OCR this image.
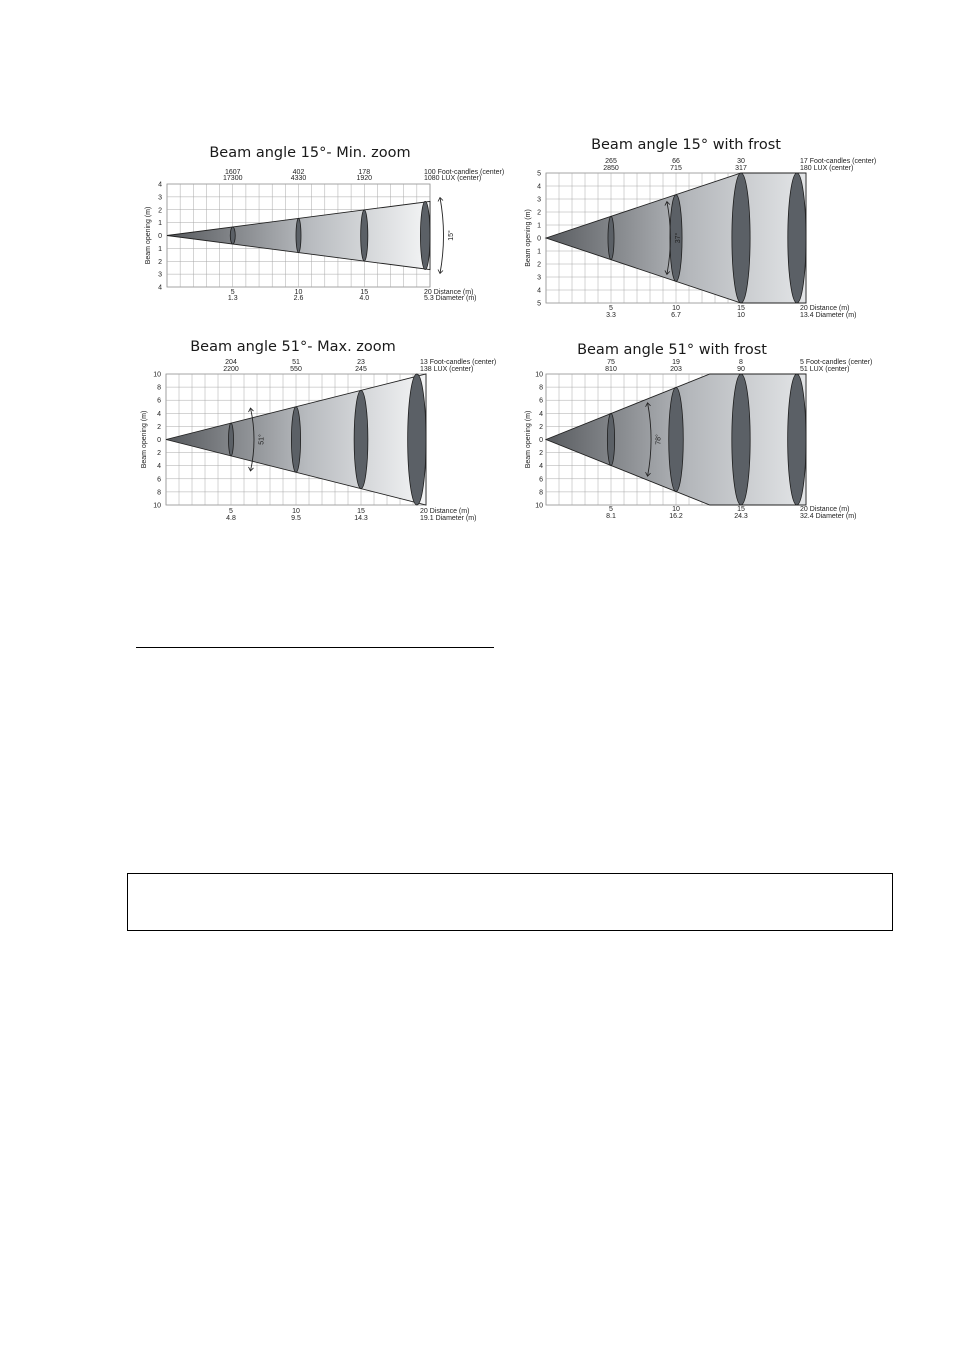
Beam angle 15°- Min. zoom
15°
Beam opening (m)
4
3
2
1
0
1
2
3
4
1607
17300
5
1.3
402
4330
10
2.6
178
1920
15
4.0
100 Foot-candles (center)
1080 LUX (center)
20 Distance (m)
5.3 Diameter (m)
Beam angle 15° with frost
37°
Beam opening (m)
5
4
3
2
1
0
1
2
3
4
5
265
2850
5
3.3
66
715
10
6.7
30
317
15
10
17 Foot-candles (center)
180 LUX (center)
20 Distance (m)
13.4 Diameter (m)
Beam angle 51°- Max. zoom
51°
Beam opening (m)
10
8
6
4
2
0
2
4
6
8
10
204
2200
5
4.8
51
550
10
9.5
23
245
15
14.3
13 Foot-candles (center)
138 LUX (center)
20 Distance (m)
19.1 Diameter (m)
Beam angle 51° with frost
78°
Beam opening (m)
10
8
6
4
2
0
2
4
6
8
10
75
810
5
8.1
19
203
10
16.2
8
90
15
24.3
5 Foot-candles (center)
51 LUX (center)
20 Distance (m)
32.4 Diameter (m)
